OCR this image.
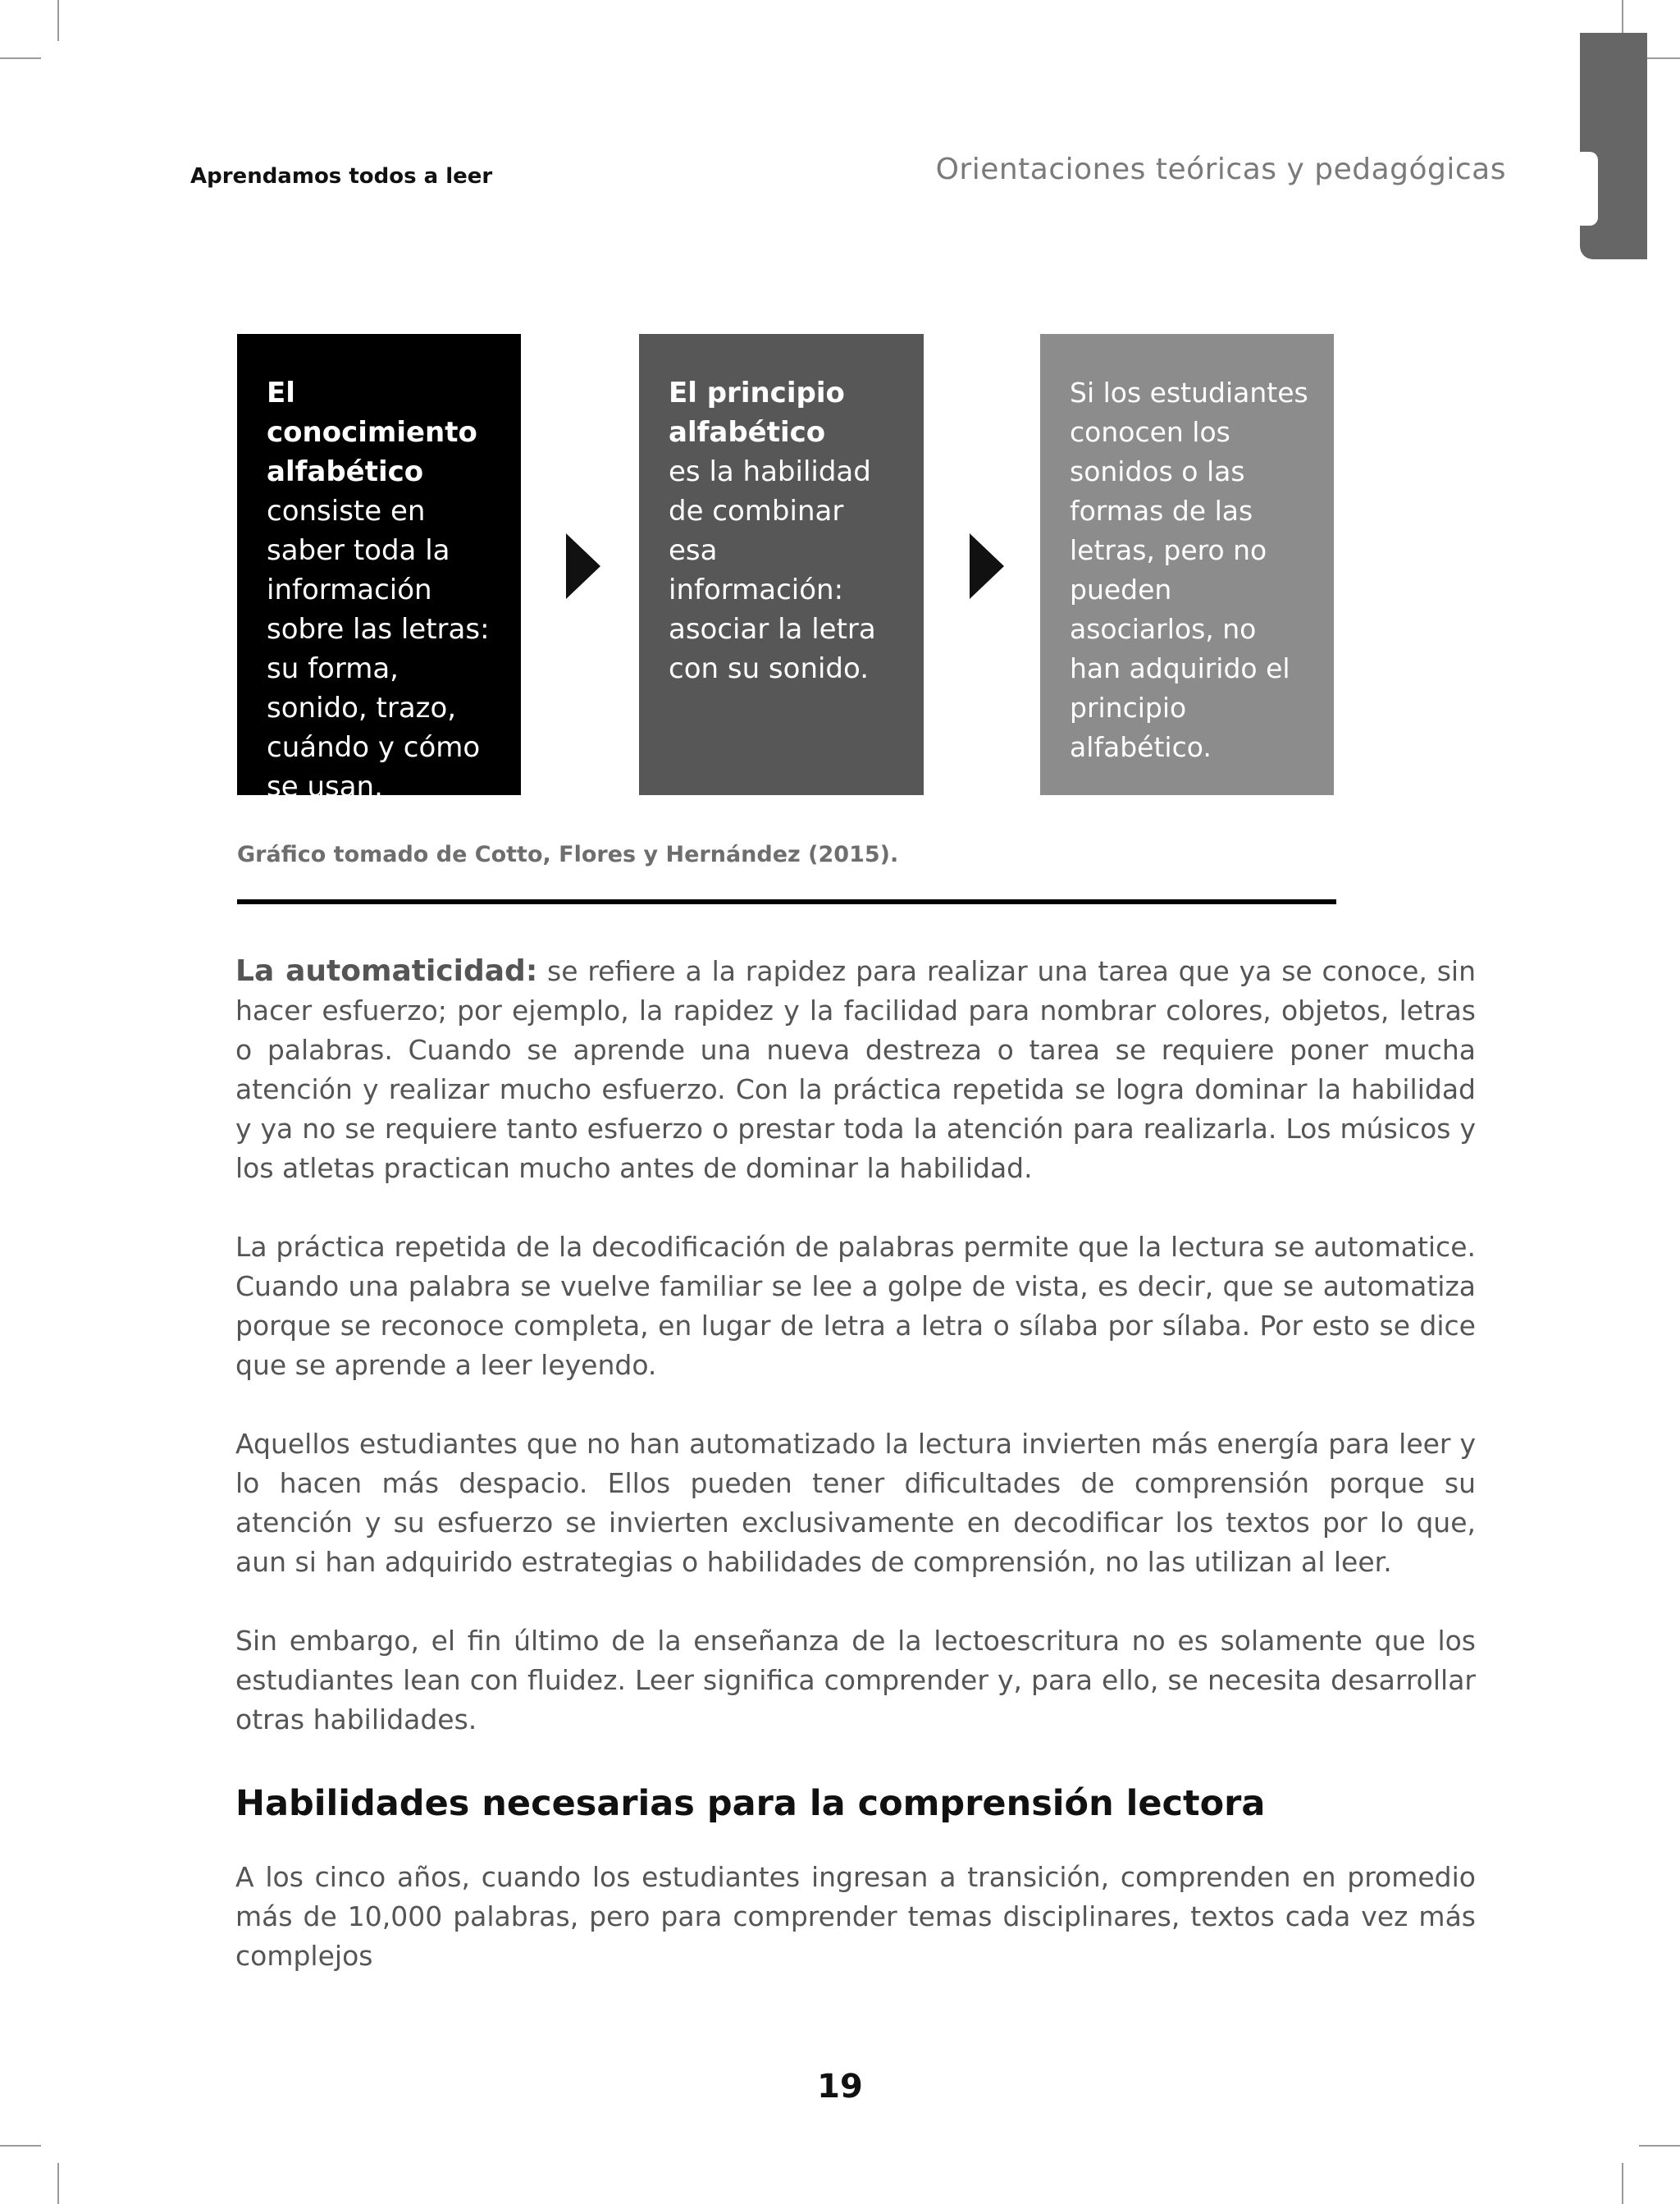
Aprendamos todos a leer	Orientaciones teóricas y pedagógicas
El conocimiento alfabético
consiste en saber toda la información sobre las letras: su forma, sonido, trazo, cuándo y cómo se usan.
El principio alfabético
es la habilidad de combinar esa información: asociar la letra con su sonido.
Si los estudiantes conocen los sonidos o las formas de las letras, pero no pueden asociarlos, no han adquirido el principio alfabético.
Gráfico tomado de Cotto, Flores y Hernández (2015).

La automaticidad: se refiere a la rapidez para realizar una tarea que ya se conoce, sin hacer esfuerzo; por ejemplo, la rapidez y la facilidad para nombrar colores, objetos, letras o palabras. Cuando se aprende una nueva destreza o tarea se requiere poner mucha atención y realizar mucho esfuerzo. Con la práctica repetida se logra dominar la habilidad y ya no se requiere tanto esfuerzo o prestar toda la atención para realizarla. Los músicos y los atletas practican mucho antes de dominar la habilidad.

La práctica repetida de la decodificación de palabras permite que la lectura se automatice. Cuando una palabra se vuelve familiar se lee a golpe de vista, es decir, que se automatiza porque se reconoce completa, en lugar de letra a letra o sílaba por sílaba. Por esto se dice que se aprende a leer leyendo.

Aquellos estudiantes que no han automatizado la lectura invierten más energía para leer y lo hacen más despacio. Ellos pueden tener dificultades de comprensión porque su atención y su esfuerzo se invierten exclusivamente en decodificar los textos por lo que, aun si han adquirido estrategias o habilidades de comprensión, no las utilizan al leer.

Sin embargo, el fin último de la enseñanza de la lectoescritura no es solamente que los estudiantes lean con fluidez. Leer significa comprender y, para ello, se necesita desarrollar otras habilidades.

Habilidades necesarias para la comprensión lectora

A los cinco años, cuando los estudiantes ingresan a transición, comprenden en promedio más de 10,000 palabras, pero para comprender temas disciplinares, textos cada vez más complejos

19
